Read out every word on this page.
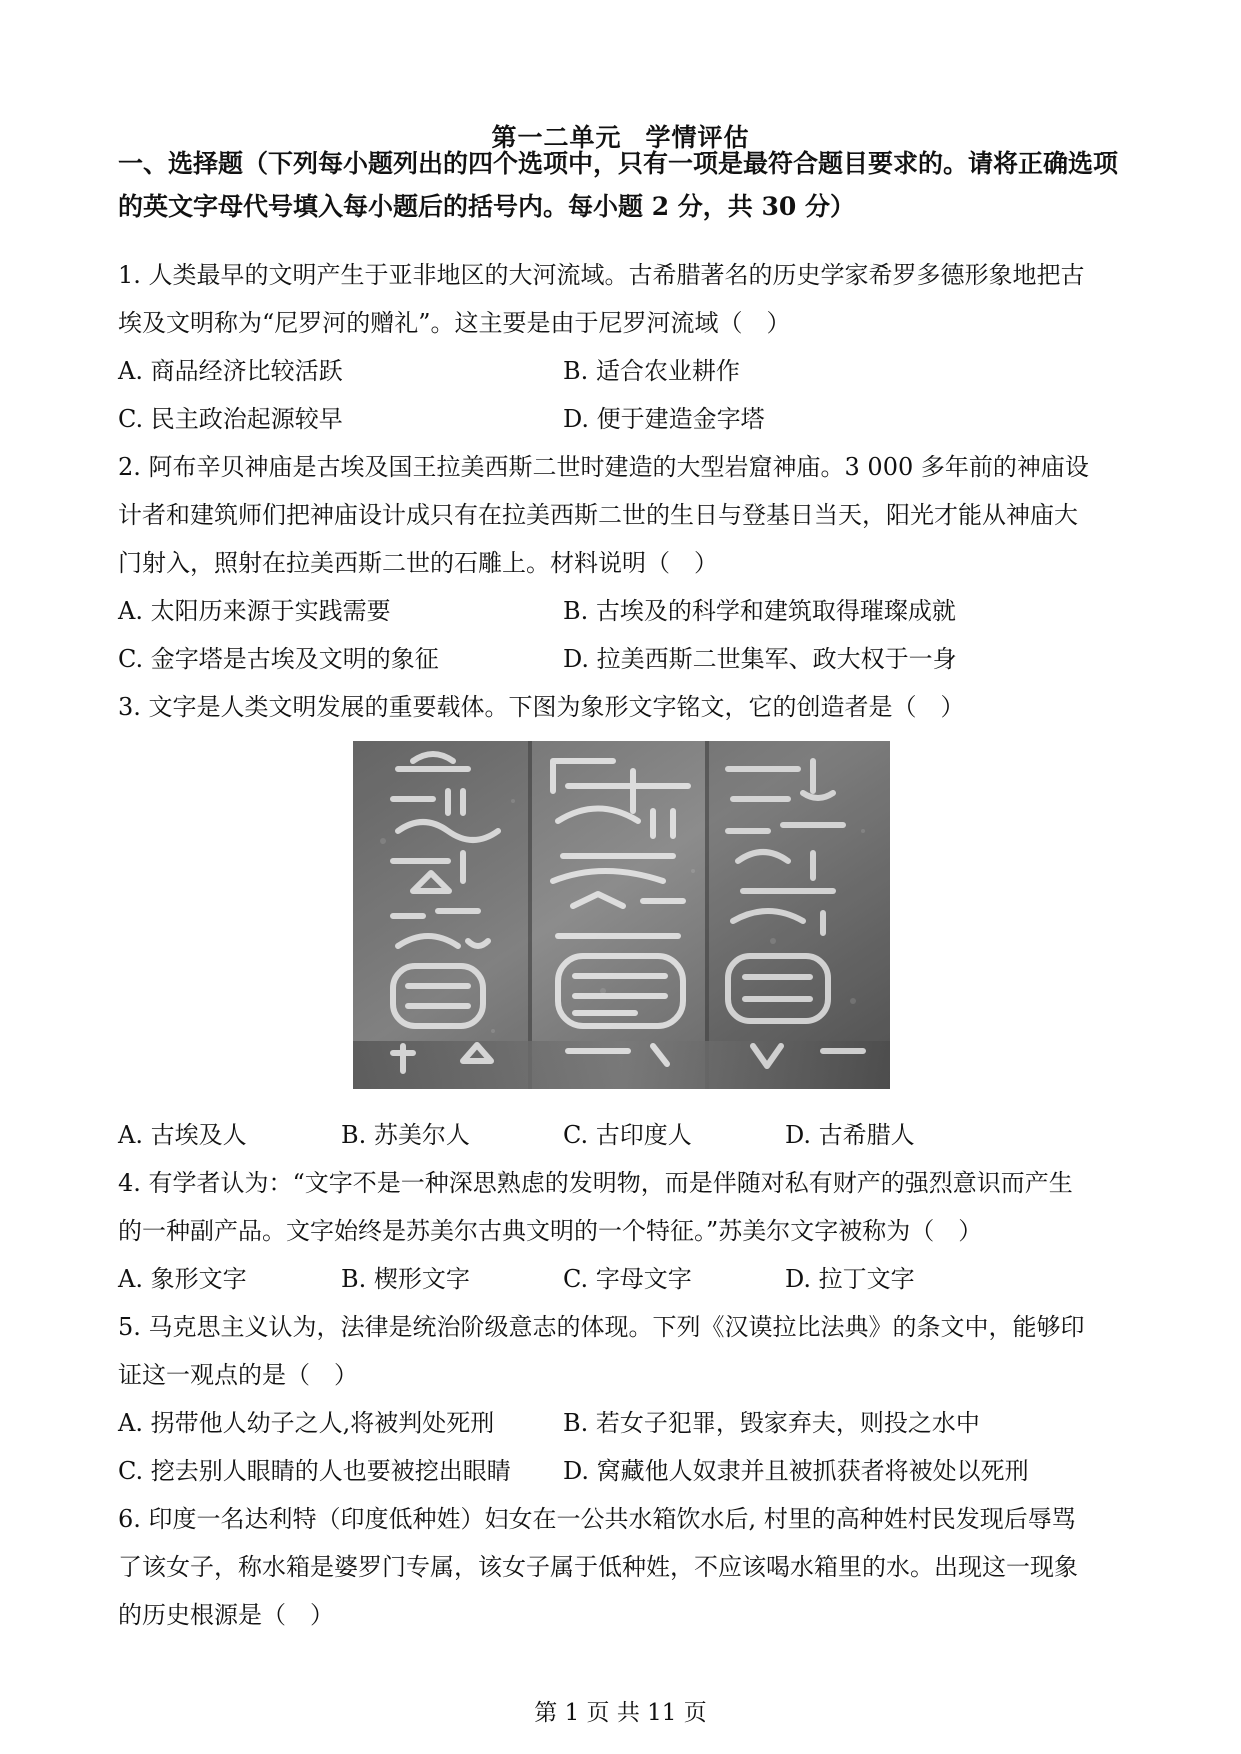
第一二单元 学情评估
一、选择题（下列每小题列出的四个选项中，只有一项是最符合题目要求的。请将正确选项
的英文字母代号填入每小题后的括号内。每小题 2 分，共 30 分）
1. 人类最早的文明产生于亚非地区的大河流域。古希腊著名的历史学家希罗多德形象地把古
埃及文明称为“尼罗河的赠礼”。这主要是由于尼罗河流域（　）
A. 商品经济比较活跃	B. 适合农业耕作
C. 民主政治起源较早	D. 便于建造金字塔
2. 阿布辛贝神庙是古埃及国王拉美西斯二世时建造的大型岩窟神庙。3 000 多年前的神庙设
计者和建筑师们把神庙设计成只有在拉美西斯二世的生日与登基日当天，阳光才能从神庙大
门射入，照射在拉美西斯二世的石雕上。材料说明（　）
A. 太阳历来源于实践需要	B. 古埃及的科学和建筑取得璀璨成就
C. 金字塔是古埃及文明的象征	D. 拉美西斯二世集军、政大权于一身
3. 文字是人类文明发展的重要载体。下图为象形文字铭文，它的创造者是（　）
A. 古埃及人	B. 苏美尔人	C. 古印度人	D. 古希腊人
4. 有学者认为：“文字不是一种深思熟虑的发明物，而是伴随对私有财产的强烈意识而产生
的一种副产品。文字始终是苏美尔古典文明的一个特征。”苏美尔文字被称为（　）
A. 象形文字	B. 楔形文字	C. 字母文字	D. 拉丁文字
5. 马克思主义认为，法律是统治阶级意志的体现。下列《汉谟拉比法典》的条文中，能够印
证这一观点的是（　）
A. 拐带他人幼子之人,将被判处死刑	B. 若女子犯罪，毁家弃夫，则投之水中
C. 挖去别人眼睛的人也要被挖出眼睛 D. 窝藏他人奴隶并且被抓获者将被处以死刑
6. 印度一名达利特（印度低种姓）妇女在一公共水箱饮水后, 村里的高种姓村民发现后辱骂
了该女子，称水箱是婆罗门专属，该女子属于低种姓，不应该喝水箱里的水。出现这一现象
的历史根源是（　）
第 1 页 共 11 页
